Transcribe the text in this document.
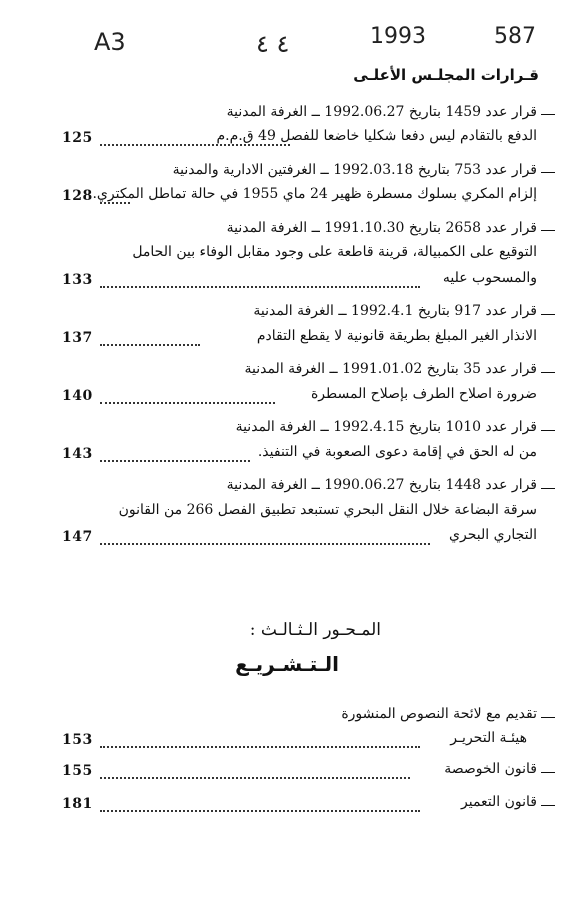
A3	٤ ٤	1993	587
قـرارات المجلـس الأعلـى
قرار عدد 1459 بتاريخ 1992.06.27 ــ الغرفة المدنية
الدفع بالتقادم ليس دفعا شكليا خاضعا للفصل 49 ق.م.م
125
قرار عدد 753 بتاريخ 1992.03.18 ــ الغرفتين الادارية والمدنية
إلزام المكري بسلوك مسطرة ظهير 24 ماي 1955 في حالة تماطل المكتري.
128
قرار عدد 2658 بتاريخ 1991.10.30 ــ الغرفة المدنية
التوقيع على الكمبيالة، قرينة قاطعة على وجود مقابل الوفاء بين الحامل
والمسحوب عليه
133
قرار عدد 917 بتاريخ 1992.4.1 ــ الغرفة المدنية
الانذار الغير المبلغ بطريقة قانونية لا يقطع التقادم
137
قرار عدد 35 بتاريخ 1991.01.02 ــ الغرفة المدنية
ضرورة اصلاح الطرف بإصلاح المسطرة
140
قرار عدد 1010 بتاريخ 1992.4.15 ــ الغرفة المدنية
من له الحق في إقامة دعوى الصعوبة في التنفيذ.
143
قرار عدد 1448 بتاريخ 1990.06.27 ــ الغرفة المدنية
سرقة البضاعة خلال النقل البحري تستبعد تطبيق الفصل 266 من القانون
التجاري البحري
147
المـحـور الـثـالـث :
الـتـشـريـع
تقديم مع لائحة النصوص المنشورة
هيئـة التحريـر
153
قانون الخوصصة
155
قانون التعمير
181
